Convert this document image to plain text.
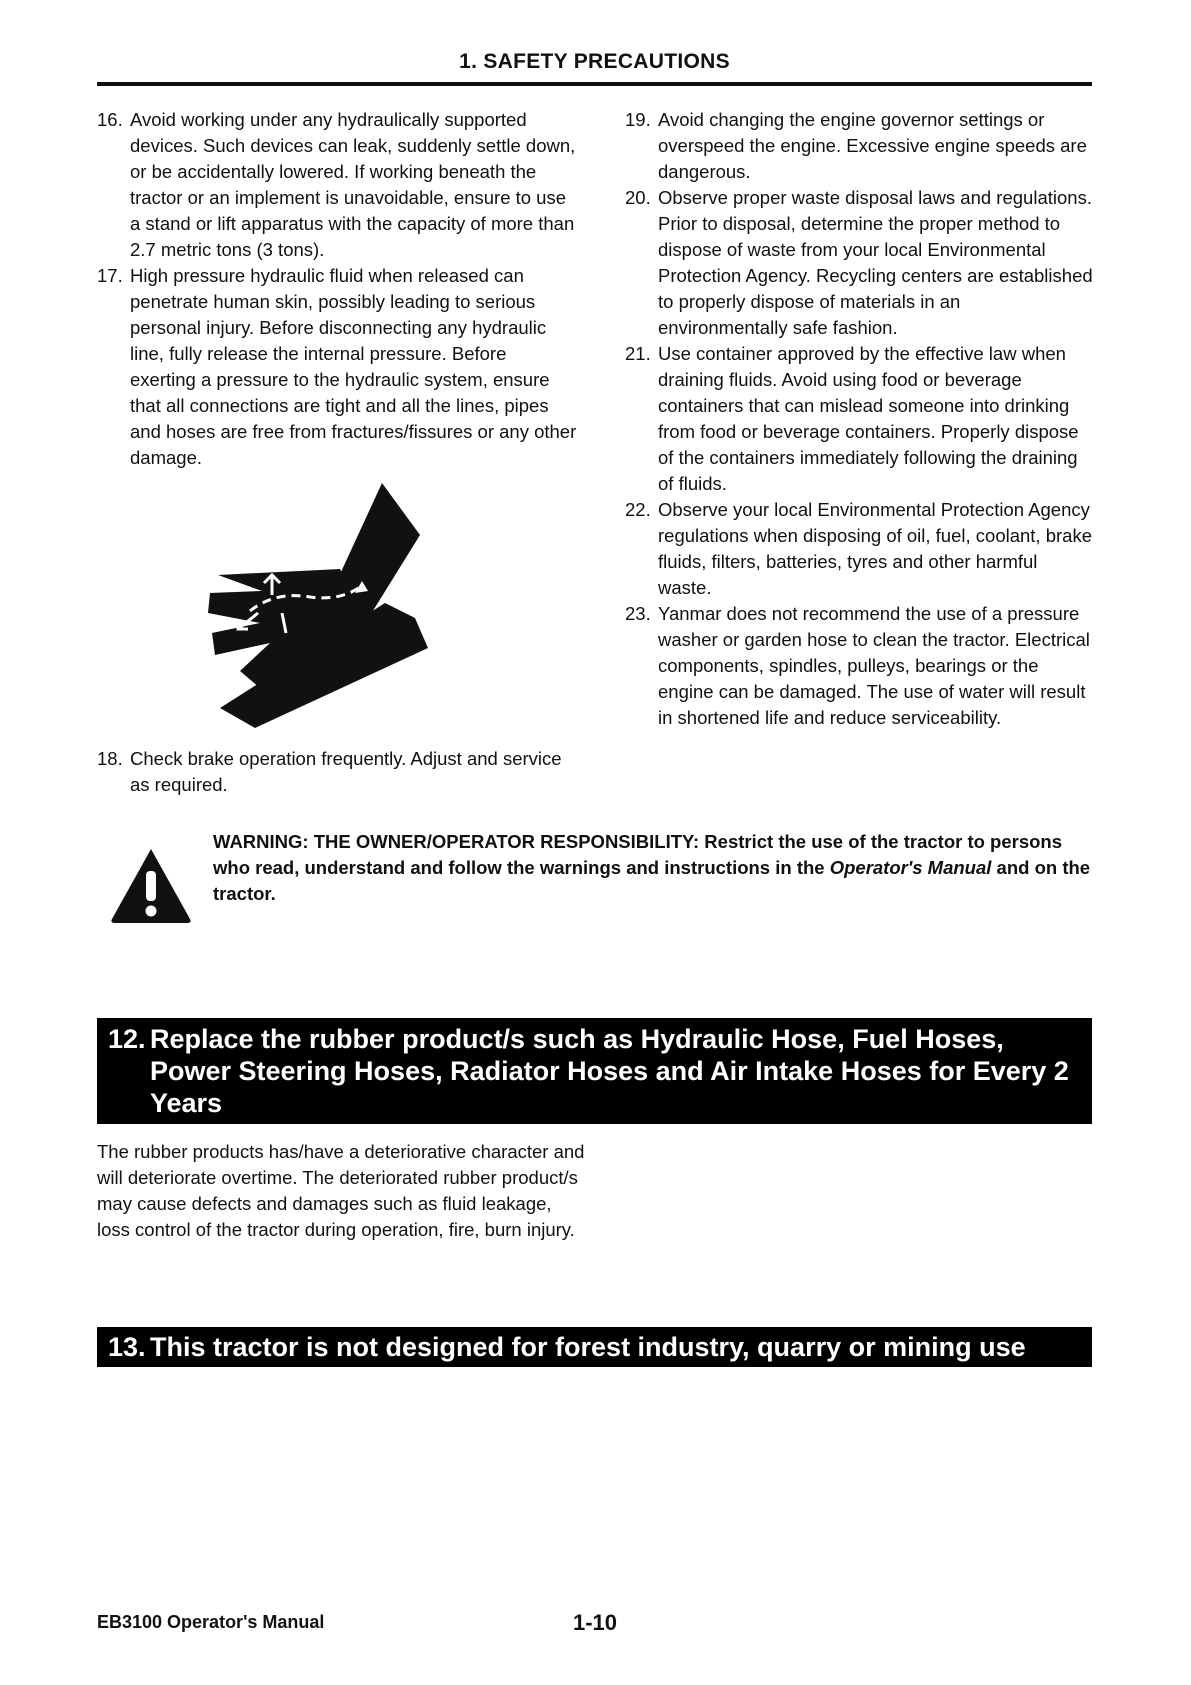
1. SAFETY PRECAUTIONS
16. Avoid working under any hydraulically supported devices. Such devices can leak, suddenly settle down, or be accidentally lowered. If working beneath the tractor or an implement is unavoidable, ensure to use a stand or lift apparatus with the capacity of more than 2.7 metric tons (3 tons).
17. High pressure hydraulic fluid when released can penetrate human skin, possibly leading to serious personal injury. Before disconnecting any hydraulic line, fully release the internal pressure. Before exerting a pressure to the hydraulic system, ensure that all connections are tight and all the lines, pipes and hoses are free from fractures/fissures or any other damage.
18. Check brake operation frequently. Adjust and service as required.
19. Avoid changing the engine governor settings or overspeed the engine. Excessive engine speeds are dangerous.
20. Observe proper waste disposal laws and regulations. Prior to disposal, determine the proper method to dispose of waste from your local Environmental Protection Agency. Recycling centers are established to properly dispose of materials in an environmentally safe fashion.
21. Use container approved by the effective law when draining fluids. Avoid using food or beverage containers that can mislead someone into drinking from food or beverage containers. Properly dispose of the containers immediately following the draining of fluids.
22. Observe your local Environmental Protection Agency regulations when disposing of oil, fuel, coolant, brake fluids, filters, batteries, tyres and other harmful waste.
23. Yanmar does not recommend the use of a pressure washer or garden hose to clean the tractor. Electrical components, spindles, pulleys, bearings or the engine can be damaged. The use of water will result in shortened life and reduce serviceability.
WARNING: THE OWNER/OPERATOR RESPONSIBILITY: Restrict the use of the tractor to persons who read, understand and follow the warnings and instructions in the Operator's Manual and on the tractor.
12. Replace the rubber product/s such as Hydraulic Hose, Fuel Hoses, Power Steering Hoses, Radiator Hoses and Air Intake Hoses for Every 2 Years
The rubber products has/have a deteriorative character and will deteriorate overtime. The deteriorated rubber product/s may cause defects and damages such as fluid leakage, loss control of the tractor during operation, fire, burn injury.
13. This tractor is not designed for forest industry, quarry or mining use
EB3100 Operator's Manual	1-10
